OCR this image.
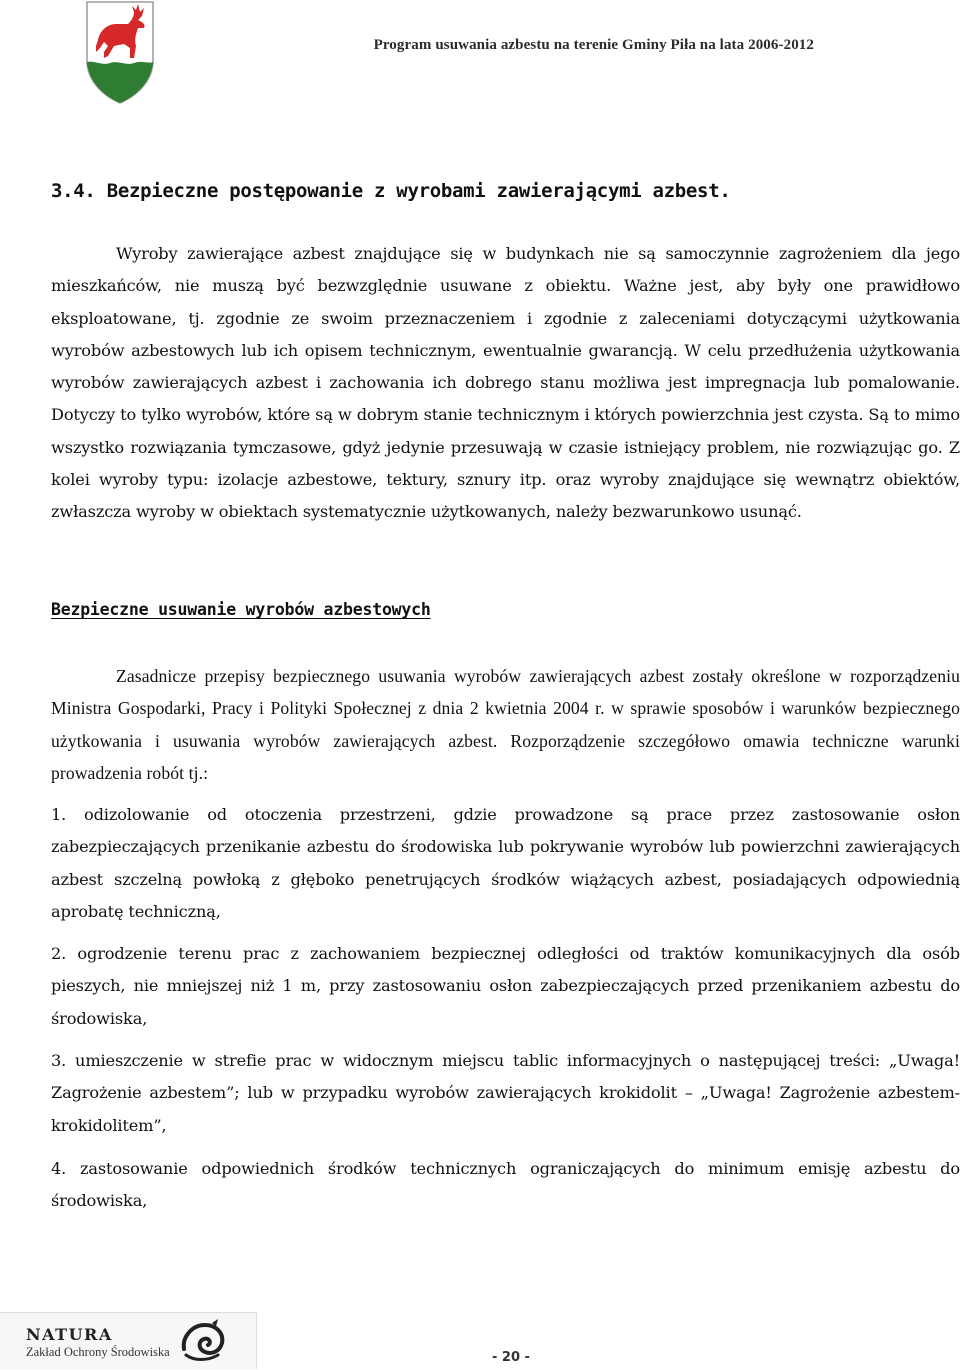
Program usuwania azbestu na terenie Gminy Piła na lata 2006-2012
3.4. Bezpieczne postępowanie z wyrobami zawierającymi azbest.

Wyroby zawierające azbest znajdujące się w budynkach nie są samoczynnie zagrożeniem dla jego mieszkańców, nie muszą być bezwzględnie usuwane z obiektu. Ważne jest, aby były one prawidłowo eksploatowane, tj. zgodnie ze swoim przeznaczeniem i zgodnie z zaleceniami dotyczącymi użytkowania wyrobów azbestowych lub ich opisem technicznym, ewentualnie gwarancją. W celu przedłużenia użytkowania wyrobów zawierających azbest i zachowania ich dobrego stanu możliwa jest impregnacja lub pomalowanie. Dotyczy to tylko wyrobów, które są w dobrym stanie technicznym i których powierzchnia jest czysta. Są to mimo wszystko rozwiązania tymczasowe, gdyż jedynie przesuwają w czasie istniejący problem, nie rozwiązując go. Z kolei wyroby typu: izolacje azbestowe, tektury, sznury itp. oraz wyroby znajdujące się wewnątrz obiektów, zwłaszcza wyroby w obiektach systematycznie użytkowanych, należy bezwarunkowo usunąć.

Bezpieczne usuwanie wyrobów azbestowych

Zasadnicze przepisy bezpiecznego usuwania wyrobów zawierających azbest zostały określone w rozporządzeniu Ministra Gospodarki, Pracy i Polityki Społecznej z dnia 2 kwietnia 2004 r. w sprawie sposobów i warunków bezpiecznego użytkowania i usuwania wyrobów zawierających azbest. Rozporządzenie szczegółowo omawia techniczne warunki prowadzenia robót tj.:

1. odizolowanie od otoczenia przestrzeni, gdzie prowadzone są prace przez zastosowanie osłon zabezpieczających przenikanie azbestu do środowiska lub pokrywanie wyrobów lub powierzchni zawierających azbest szczelną powłoką z głęboko penetrujących środków wiążących azbest, posiadających odpowiednią aprobatę techniczną,

2. ogrodzenie terenu prac z zachowaniem bezpiecznej odległości od traktów komunikacyjnych dla osób pieszych, nie mniejszej niż 1 m, przy zastosowaniu osłon zabezpieczających przed przenikaniem azbestu do środowiska,

3. umieszczenie w strefie prac w widocznym miejscu tablic informacyjnych o następującej treści: „Uwaga! Zagrożenie azbestem”; lub w przypadku wyrobów zawierających krokidolit – „Uwaga! Zagrożenie azbestem-krokidolitem”,

4. zastosowanie odpowiednich środków technicznych ograniczających do minimum emisję azbestu do środowiska,

NATURA
Zakład Ochrony Środowiska	- 20 -
